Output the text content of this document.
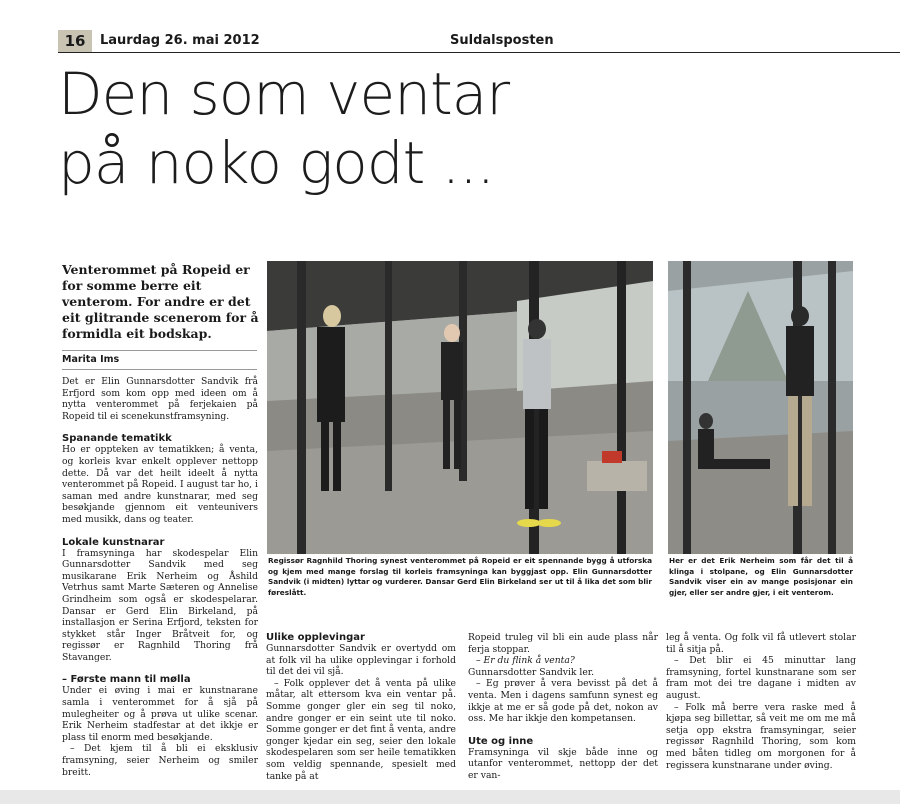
16	Laurdag 26. mai 2012	Suldalsposten
Den som ventar
på noko godt ...
Venterommet på Ropeid er for somme berre eit venterom. For andre er det eit glitrande scenerom for å formidla eit bodskap.
Marita Ims

Det er Elin Gunnarsdotter Sandvik frå Erfjord som kom opp med ideen om å nytta venterommet på ferjekaien på Ropeid til ei scenekunstframsyning.

Spanande tematikk

Ho er oppteken av tematikken; å venta, og korleis kvar enkelt opplever nettopp dette. Då var det heilt ideelt å nytta venterommet på Ropeid. I august tar ho, i saman med andre kunstnarar, med seg besøkjande gjennom eit venteunivers med musikk, dans og teater.

Lokale kunstnarar

I framsyninga har skodespelar Elin Gunnarsdotter Sandvik med seg musikarane Erik Nerheim og Åshild Vetrhus samt Marte Sæteren og Annelise Grindheim som også er skodespelarar. Dansar er Gerd Elin Birkeland, på installasjon er Serina Erfjord, teksten for stykket står Inger Bråtveit for, og regissør er Ragnhild Thoring frå Stavanger.

– Første mann til mølla

Under ei øving i mai er kunstnarane samla i venterommet for å sjå på mulegheiter og å prøva ut ulike scenar. Erik Nerheim stadfestar at det ikkje er plass til enorm med besøkjande.

– Det kjem til å bli ei eksklusiv framsyning, seier Nerheim og smiler breitt.

Regissør Ragnhild Thoring synest venterommet på Ropeid er eit spennande bygg å utforska og kjem med mange forslag til korleis framsyninga kan byggjast opp. Elin Gunnarsdotter Sandvik (i midten) lyttar og vurderer. Dansar Gerd Elin Birkeland ser ut til å lika det som blir føreslått.
Her er det Erik Nerheim som får det til å klinga i stolpane, og Elin Gunnarsdotter Sandvik viser ein av mange posisjonar ein gjer, eller ser andre gjer, i eit venterom.

Ulike opplevingar

Gunnarsdotter Sandvik er overtydd om at folk vil ha ulike opplevingar i forhold til det dei vil sjå.

– Folk opplever det å venta på ulike måtar, alt ettersom kva ein ventar på. Somme gonger gler ein seg til noko, andre gonger er ein seint ute til noko. Somme gonger er det fint å venta, andre gonger kjedar ein seg, seier den lokale skodespelaren som ser heile tematikken som veldig spennande, spesielt med tanke på at

Ropeid truleg vil bli ein aude plass når ferja stoppar.

– Er du flink å venta?

Gunnarsdotter Sandvik ler.

– Eg prøver å vera bevisst på det å venta. Men i dagens samfunn synest eg ikkje at me er så gode på det, nokon av oss. Me har ikkje den kompetansen.

Ute og inne

Framsyninga vil skje både inne og utanfor venterommet, nettopp der det er van-

leg å venta. Og folk vil få utlevert stolar til å sitja på.

– Det blir ei 45 minuttar lang framsyning, fortel kunstnarane som ser fram mot dei tre dagane i midten av august.

– Folk må berre vera raske med å kjøpa seg billettar, så veit me om me må setja opp ekstra framsyningar, seier regissør Ragnhild Thoring, som kom med båten tidleg om morgonen for å regissera kunstnarane under øving.
